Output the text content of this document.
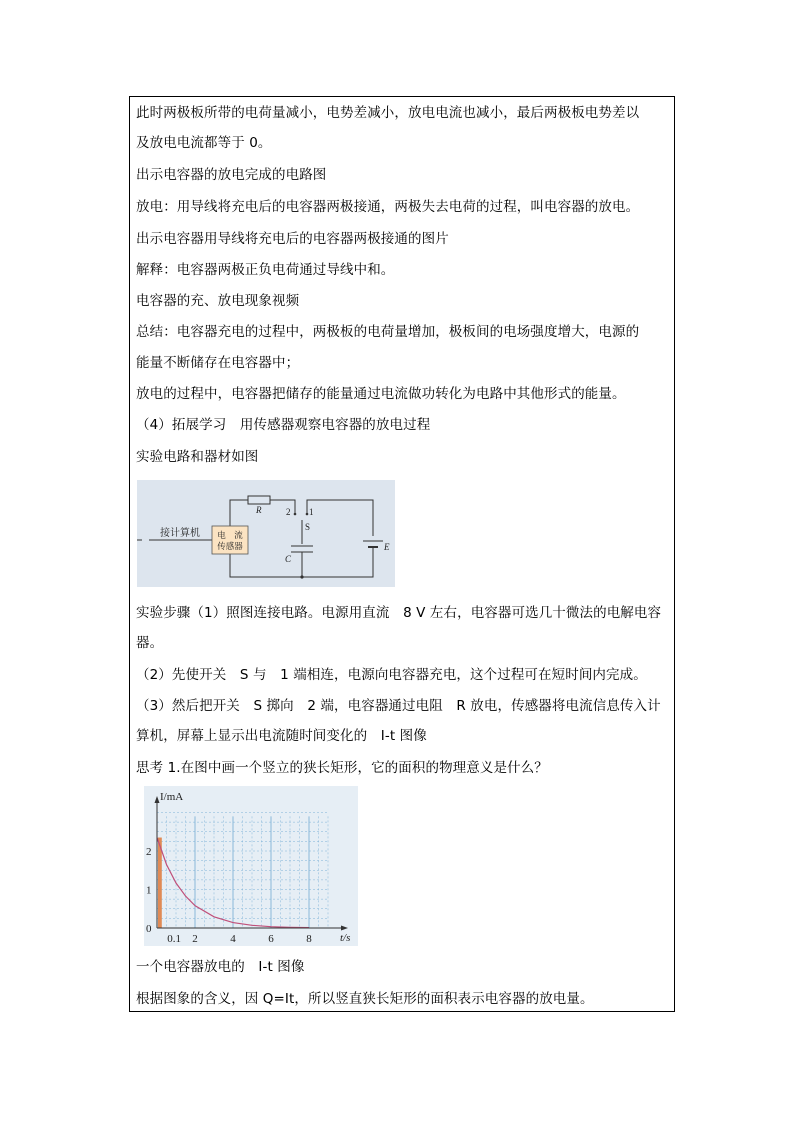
此时两极板所带的电荷量减小，电势差减小，放电电流也减小，最后两极板电势差以
及放电电流都等于 0。
出示电容器的放电完成的电路图
放电：用导线将充电后的电容器两极接通，两极失去电荷的过程，叫电容器的放电。
出示电容器用导线将充电后的电容器两极接通的图片
解释：电容器两极正负电荷通过导线中和。
电容器的充、放电现象视频
总结：电容器充电的过程中，两极板的电荷量增加，极板间的电场强度增大，电源的
能量不断储存在电容器中；
放电的过程中，电容器把储存的能量通过电流做功转化为电路中其他形式的能量。
（4）拓展学习　用传感器观察电容器的放电过程
实验电路和器材如图
接计算机 电　流
传感器
R	2 1
S
C
E
实验步骤（1）照图连接电路。电源用直流　8 V 左右，电容器可选几十微法的电解电容
器。
（2）先使开关　S 与　1 端相连，电源向电容器充电，这个过程可在短时间内完成。
（3）然后把开关　S 掷向　2 端，电容器通过电阻　R 放电，传感器将电流信息传入计
算机，屏幕上显示出电流随时间变化的　I-t 图像
思考 1.在图中画一个竖立的狭长矩形，它的面积的物理意义是什么？
I/mA
t/s
0.1 2	4	6	8
0
1
2
一个电容器放电的　I-t 图像
根据图象的含义，因 Q=It，所以竖直狭长矩形的面积表示电容器的放电量。
